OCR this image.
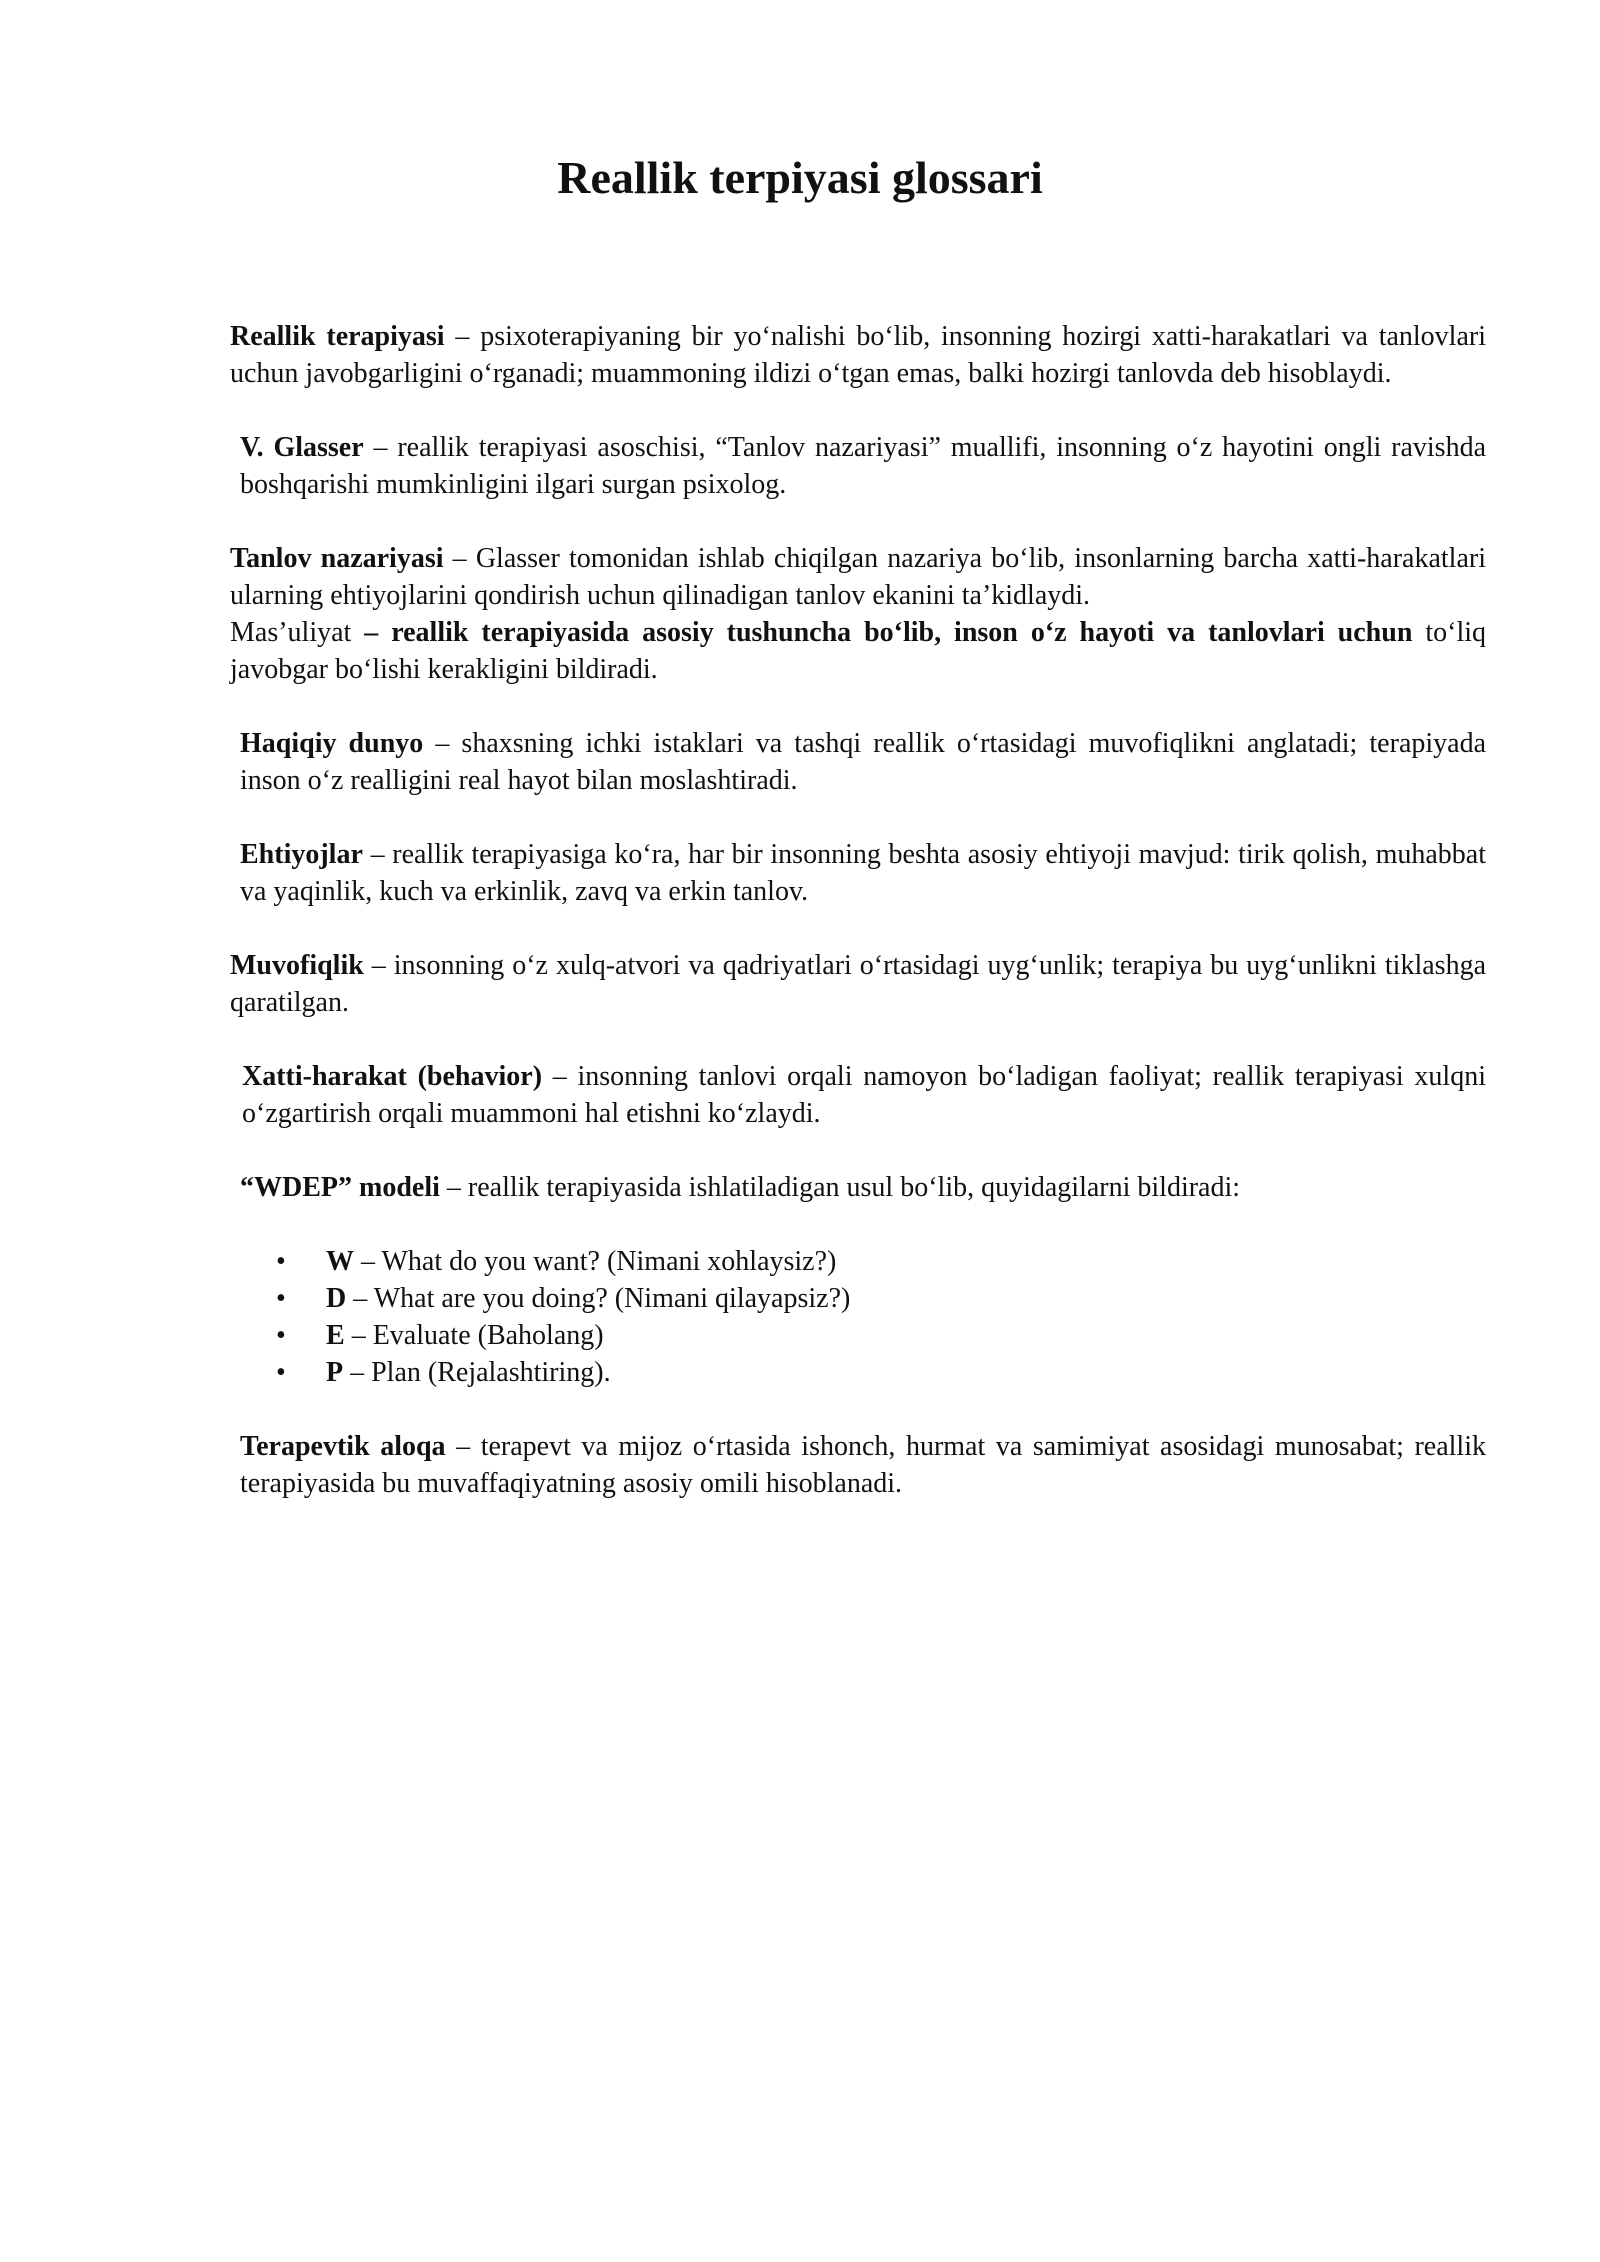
Reallik terpiyasi glossari

Reallik terapiyasi – psixoterapiyaning bir yo‘nalishi bo‘lib, insonning hozirgi xatti-harakatlari va tanlovlari uchun javobgarligini o‘rganadi; muammoning ildizi o‘tgan emas, balki hozirgi tanlovda deb hisoblaydi.

V. Glasser – reallik terapiyasi asoschisi, “Tanlov nazariyasi” muallifi, insonning o‘z hayotini ongli ravishda boshqarishi mumkinligini ilgari surgan psixolog.

Tanlov nazariyasi – Glasser tomonidan ishlab chiqilgan nazariya bo‘lib, insonlarning barcha xatti-harakatlari ularning ehtiyojlarini qondirish uchun qilinadigan tanlov ekanini ta’kidlaydi.

Mas’uliyat – reallik terapiyasida asosiy tushuncha bo‘lib, inson o‘z hayoti va tanlovlari uchun to‘liq javobgar bo‘lishi kerakligini bildiradi.

Haqiqiy dunyo – shaxsning ichki istaklari va tashqi reallik o‘rtasidagi muvofiqlikni anglatadi; terapiyada inson o‘z realligini real hayot bilan moslashtiradi.

Ehtiyojlar – reallik terapiyasiga ko‘ra, har bir insonning beshta asosiy ehtiyoji mavjud: tirik qolish, muhabbat va yaqinlik, kuch va erkinlik, zavq va erkin tanlov.

Muvofiqlik – insonning o‘z xulq-atvori va qadriyatlari o‘rtasidagi uyg‘unlik; terapiya bu uyg‘unlikni tiklashga qaratilgan.

Xatti-harakat (behavior) – insonning tanlovi orqali namoyon bo‘ladigan faoliyat; reallik terapiyasi xulqni o‘zgartirish orqali muammoni hal etishni ko‘zlaydi.

“WDEP” modeli – reallik terapiyasida ishlatiladigan usul bo‘lib, quyidagilarni bildiradi:

• W – What do you want? (Nimani xohlaysiz?)
• D – What are you doing? (Nimani qilayapsiz?)
• E – Evaluate (Baholang)
• P – Plan (Rejalashtiring).

Terapevtik aloqa – terapevt va mijoz o‘rtasida ishonch, hurmat va samimiyat asosidagi munosabat; reallik terapiyasida bu muvaffaqiyatning asosiy omili hisoblanadi.
